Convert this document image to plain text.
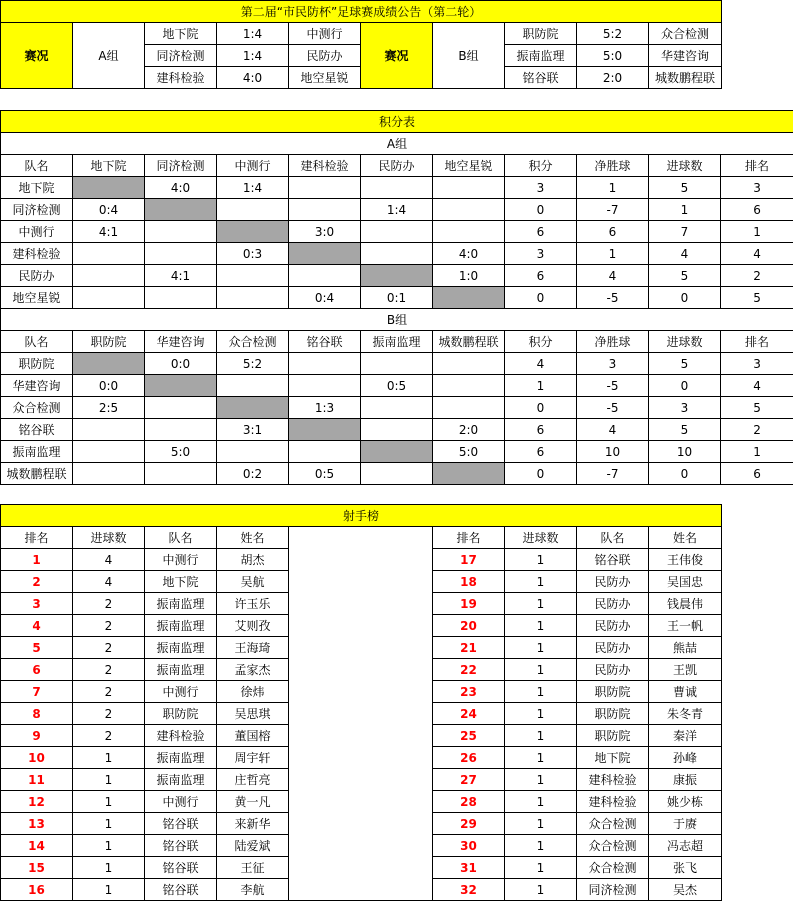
第二届“市民防杯”足球赛成绩公告（第二轮）									
赛况	A组	地下院	1:4	中测行	赛况	B组	职防院	5:2	众合检测
		同济检测	1:4	民防办			振南监理	5:0	华建咨询
		建科检验	4:0	地空星锐			铭谷联	2:0	城数鹏程联
积分表										
A组										
队名	地下院	同济检测	中测行	建科检验	民防办	地空星锐	积分	净胜球	进球数	排名
地下院		4:0	1:4				3	1	5	3
同济检测	0:4				1:4		0	-7	1	6
中测行	4:1			3:0			6	6	7	1
建科检验			0:3			4:0	3	1	4	4
民防办		4:1				1:0	6	4	5	2
地空星锐				0:4	0:1		0	-5	0	5
B组										
队名	职防院	华建咨询	众合检测	铭谷联	振南监理	城数鹏程联	积分	净胜球	进球数	排名
职防院		0:0	5:2				4	3	5	3
华建咨询	0:0				0:5		1	-5	0	4
众合检测	2:5			1:3			0	-5	3	5
铭谷联			3:1			2:0	6	4	5	2
振南监理		5:0				5:0	6	10	10	1
城数鹏程联			0:2	0:5			0	-7	0	6
射手榜								
排名	进球数	队名	姓名		排名	进球数	队名	姓名
1	4	中测行	胡杰		17	1	铭谷联	王伟俊
2	4	地下院	吴航		18	1	民防办	吴国忠
3	2	振南监理	许玉乐		19	1	民防办	钱晨伟
4	2	振南监理	艾则孜		20	1	民防办	王一帆
5	2	振南监理	王海琦		21	1	民防办	熊喆
6	2	振南监理	孟家杰		22	1	民防办	王凯
7	2	中测行	徐炜		23	1	职防院	曹诚
8	2	职防院	吴思琪		24	1	职防院	朱冬青
9	2	建科检验	董国榕		25	1	职防院	秦洋
10	1	振南监理	周宇轩		26	1	地下院	孙峰
11	1	振南监理	庄哲亮		27	1	建科检验	康振
12	1	中测行	黄一凡		28	1	建科检验	姚少栋
13	1	铭谷联	来新华		29	1	众合检测	于赓
14	1	铭谷联	陆爱斌		30	1	众合检测	冯志超
15	1	铭谷联	王征		31	1	众合检测	张飞
16	1	铭谷联	李航		32	1	同济检测	吴杰
